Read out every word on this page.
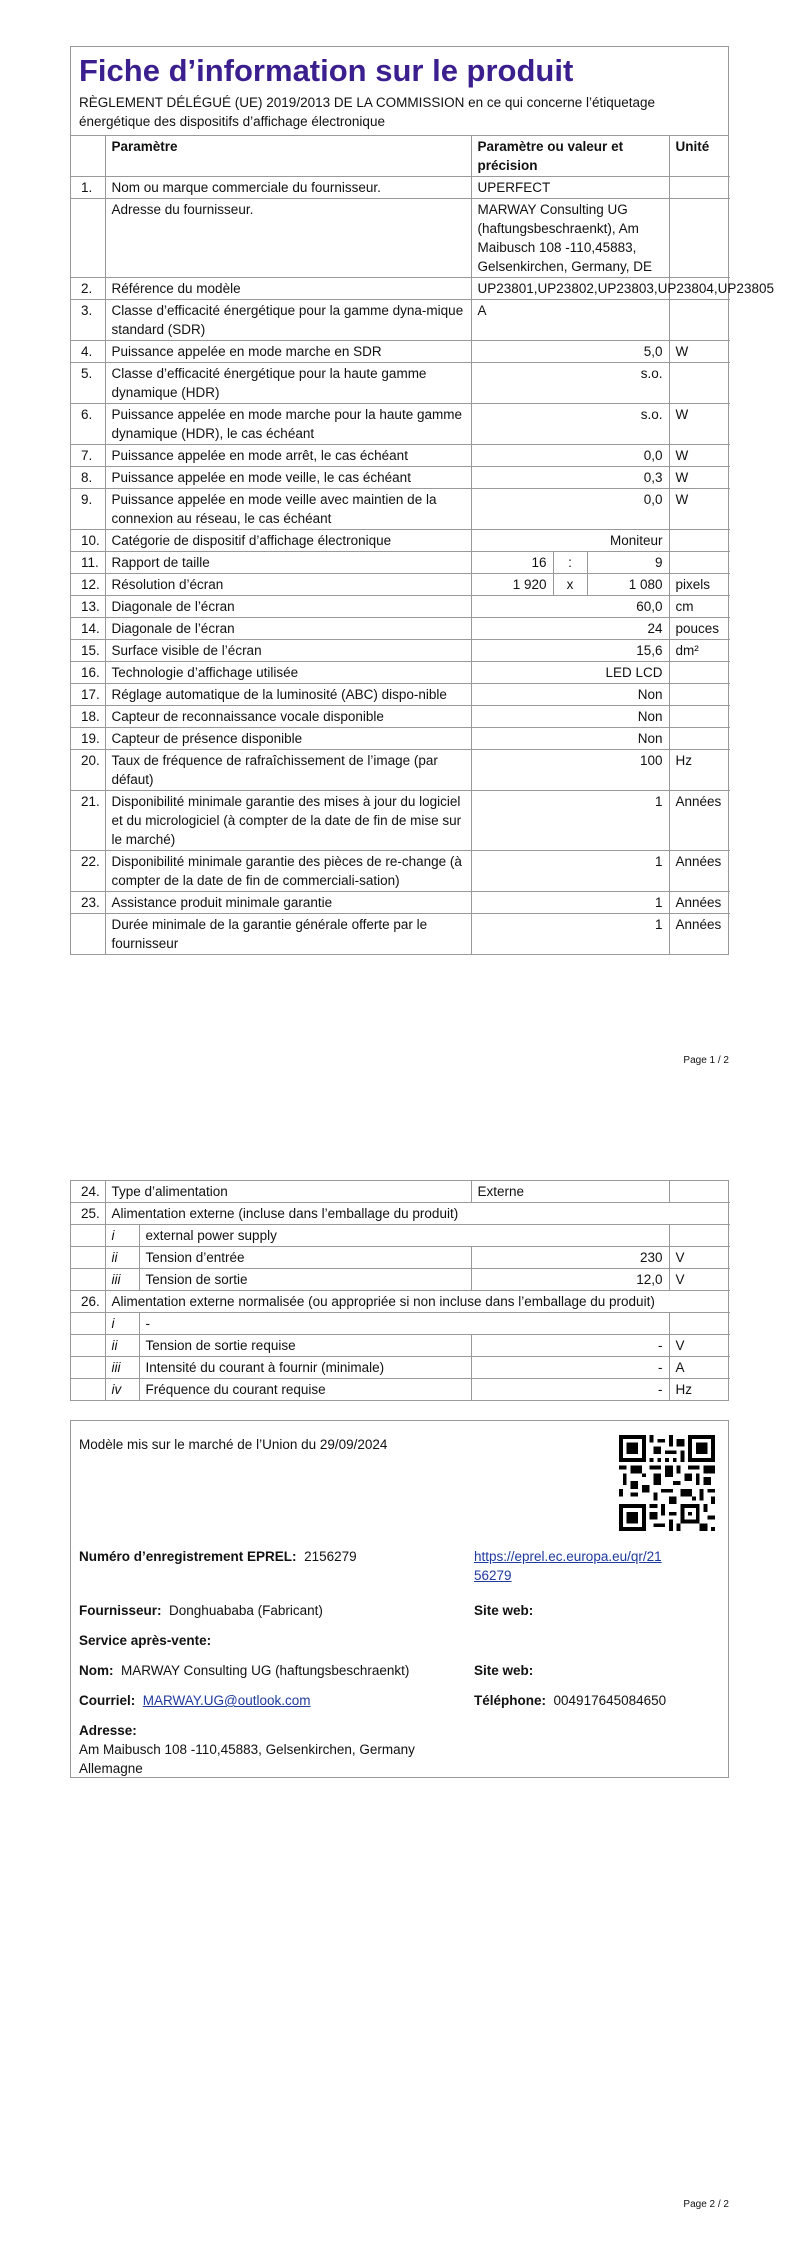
Fiche d’information sur le produit
RÈGLEMENT DÉLÉGUÉ (UE) 2019/2013 DE LA COMMISSION en ce qui concerne l’étiquetage énergétique des dispositifs d’affichage électronique
	Paramètre	Paramètre ou valeur et précision			Unité
1.	Nom ou marque commerciale du fournisseur.	UPERFECT			
	Adresse du fournisseur.	MARWAY Consulting UG (haftungsbeschraenkt), Am Maibusch 108 -110,45883, Gelsenkirchen, Germany, DE			
2.	Référence du modèle	UP23801,UP23802,UP23803,UP23804,UP23805			
3.	Classe d’efficacité énergétique pour la gamme dyna-mique standard (SDR)	A			
4.	Puissance appelée en mode marche en SDR	5,0			W
5.	Classe d’efficacité énergétique pour la haute gamme dynamique (HDR)	s.o.			
6.	Puissance appelée en mode marche pour la haute gamme dynamique (HDR), le cas échéant	s.o.			W
7.	Puissance appelée en mode arrêt, le cas échéant	0,0			W
8.	Puissance appelée en mode veille, le cas échéant	0,3			W
9.	Puissance appelée en mode veille avec maintien de la connexion au réseau, le cas échéant	0,0			W
10.	Catégorie de dispositif d’affichage électronique	Moniteur			
11.	Rapport de taille	16	:	9	
12.	Résolution d’écran	1 920	x	1 080	pixels
13.	Diagonale de l’écran	60,0			cm
14.	Diagonale de l’écran	24			pouces
15.	Surface visible de l’écran	15,6			dm²
16.	Technologie d’affichage utilisée	LED LCD			
17.	Réglage automatique de la luminosité (ABC) dispo-nible	Non			
18.	Capteur de reconnaissance vocale disponible	Non			
19.	Capteur de présence disponible	Non			
20.	Taux de fréquence de rafraîchissement de l’image (par défaut)	100			Hz
21.	Disponibilité minimale garantie des mises à jour du logiciel et du micrologiciel (à compter de la date de fin de mise sur le marché)	1			Années
22.	Disponibilité minimale garantie des pièces de re-change (à compter de la date de fin de commerciali-sation)	1			Années
23.	Assistance produit minimale garantie	1			Années
	Durée minimale de la garantie générale offerte par le fournisseur	1			Années
Page 1 / 2
24.	Type d’alimentation		Externe	
25.	Alimentation externe (incluse dans l’emballage du produit)			
	i	external power supply		
	ii	Tension d’entrée	230	V
	iii	Tension de sortie	12,0	V
26.	Alimentation externe normalisée (ou appropriée si non incluse dans l’emballage du produit)			
	i	-		
	ii	Tension de sortie requise	-	V
	iii	Intensité du courant à fournir (minimale)	-	A
	iv	Fréquence du courant requise	-	Hz
Modèle mis sur le marché de l’Union du 29/09/2024
Numéro d’enregistrement EPREL: 2156279	https://eprel.ec.europa.eu/qr/21
56279
Fournisseur: Donghuababa (Fabricant)	Site web:
Service après-vente:
Nom: MARWAY Consulting UG (haftungsbeschraenkt)	Site web:
Courriel: MARWAY.UG@outlook.com	Téléphone: 004917645084650
Adresse:
Am Maibusch 108 -110,45883, Gelsenkirchen, Germany
Allemagne
Page 2 / 2
